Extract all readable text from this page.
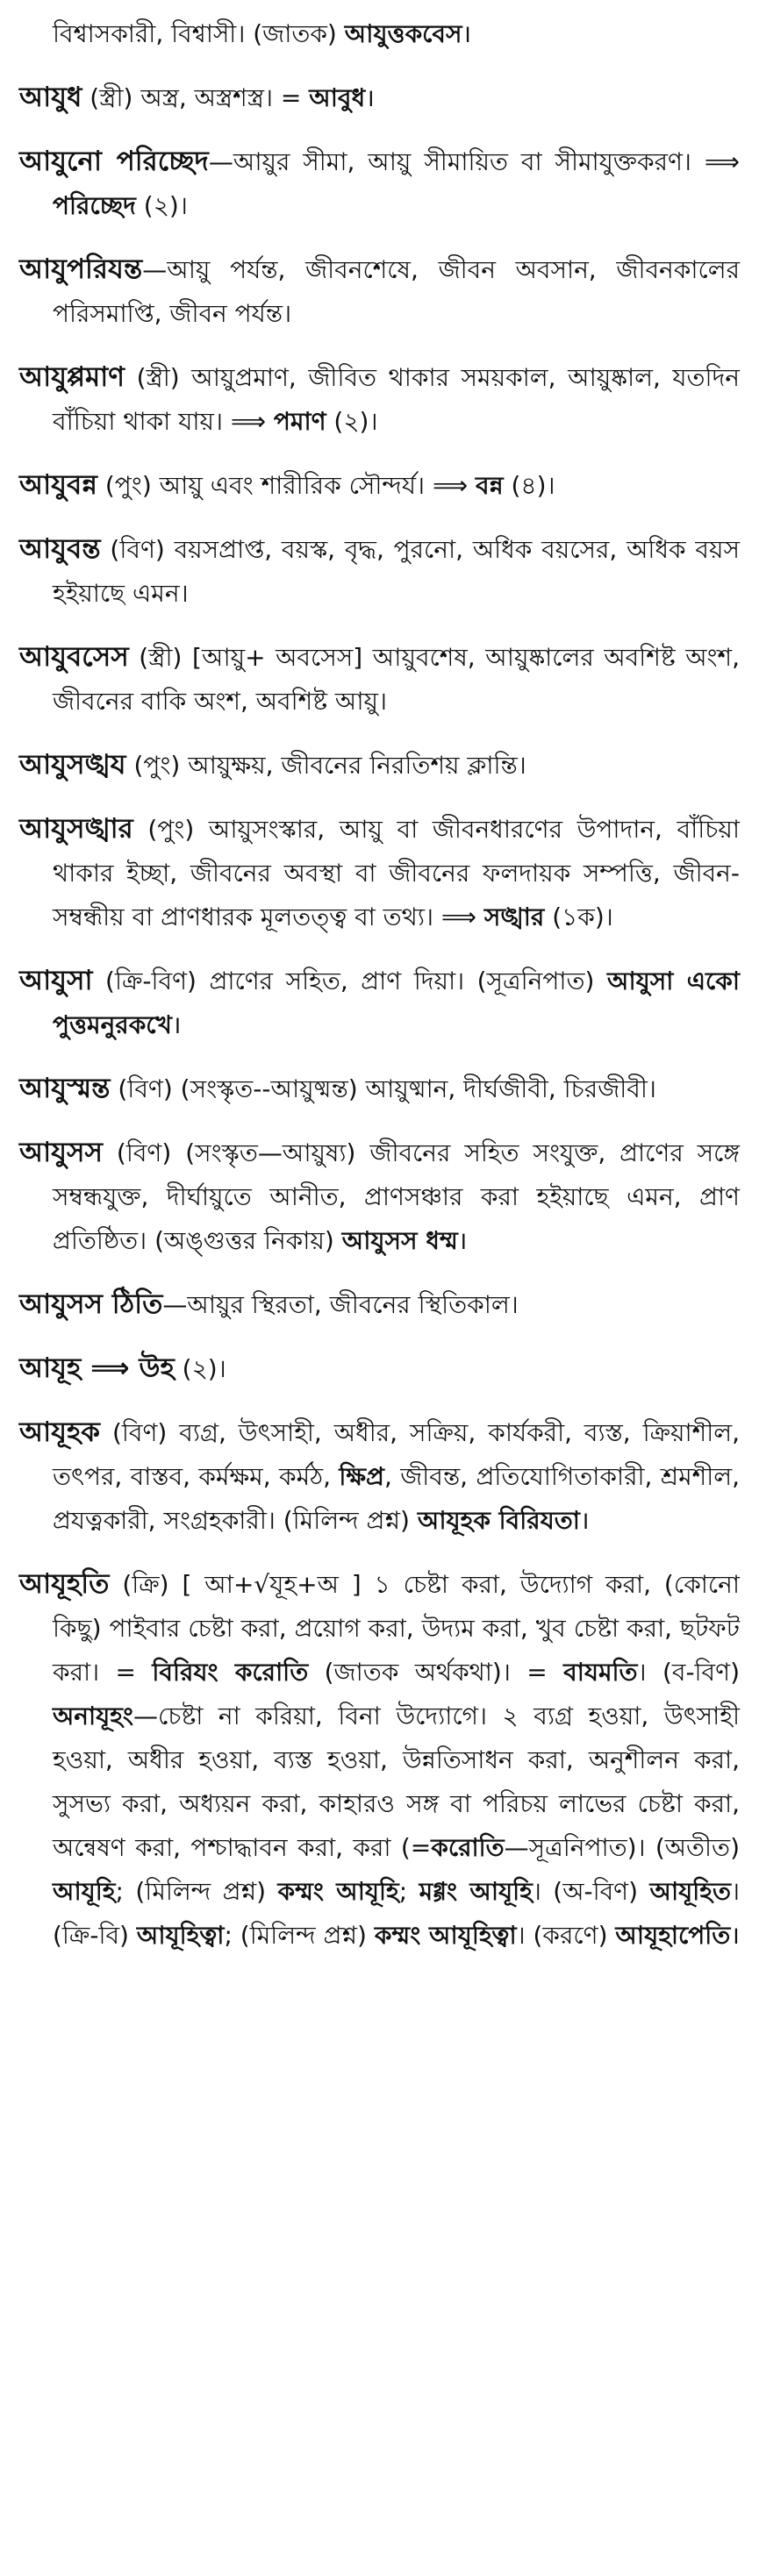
বিশ্বাসকারী, বিশ্বাসী। (জাতক) আযুত্তকবেস।

আযুধ (স্ত্রী) অস্ত্র, অস্ত্রশস্ত্র। = আবুধ।

আযুনো পরিচ্ছেদ—আয়ুর সীমা, আয়ু সীমায়িত বা সীমাযুক্তকরণ। ⟹ পরিচ্ছেদ (২)।

আযুপরিযন্ত—আয়ু পর্যন্ত, জীবনশেষে, জীবন অবসান, জীবনকালের পরিসমাপ্তি, জীবন পর্যন্ত।

আযুপ্পমাণ (স্ত্রী) আয়ুপ্রমাণ, জীবিত থাকার সময়কাল, আয়ুষ্কাল, যতদিন বাঁচিয়া থাকা যায়। ⟹ পমাণ (২)।

আযুবন্ন (পুং) আয়ু এবং শারীরিক সৌন্দর্য। ⟹ বন্ন (৪)।

আযুবন্ত (বিণ) বয়সপ্রাপ্ত, বয়স্ক, বৃদ্ধ, পুরনো, অধিক বয়সের, অধিক বয়স হইয়াছে এমন।

আযুবসেস (স্ত্রী) [আয়ু+ অবসেস] আয়ুবশেষ, আয়ুষ্কালের অবশিষ্ট অংশ, জীবনের বাকি অংশ, অবশিষ্ট আয়ু।

আযুসঙ্খয (পুং) আয়ুক্ষয়, জীবনের নিরতিশয় ক্লান্তি।

আযুসঙ্খার (পুং) আয়ুসংস্কার, আয়ু বা জীবনধারণের উপাদান, বাঁচিয়া থাকার ইচ্ছা, জীবনের অবস্থা বা জীবনের ফলদায়ক সম্পত্তি, জীবন-সম্বন্ধীয় বা প্রাণধারক মূলতত্ত্ব বা তথ্য। ⟹ সঙ্খার (১ক)।

আযুসা (ক্রি-বিণ) প্রাণের সহিত, প্রাণ দিয়া। (সূত্রনিপাত) আযুসা একো পুত্তমনুরকখে।

আযুস্মন্ত (বিণ) (সংস্কৃত--আয়ুষ্মন্ত) আয়ুষ্মান, দীর্ঘজীবী, চিরজীবী।

আযুসস (বিণ) (সংস্কৃত—আয়ুষ্য) জীবনের সহিত সংযুক্ত, প্রাণের সঙ্গে সম্বন্ধযুক্ত, দীর্ঘায়ুতে আনীত, প্রাণসঞ্চার করা হইয়াছে এমন, প্রাণ প্রতিষ্ঠিত। (অঙ্গুত্তর নিকায়) আযুসস ধম্ম।

আযুসস ঠিতি—আয়ুর স্থিরতা, জীবনের স্থিতিকাল।

আযূহ ⟹ উহ (২)।

আযূহক (বিণ) ব্যগ্র, উৎসাহী, অধীর, সক্রিয়, কার্যকরী, ব্যস্ত, ক্রিয়াশীল, তৎপর, বাস্তব, কর্মক্ষম, কর্মঠ, ক্ষিপ্র, জীবন্ত, প্রতিযোগিতাকারী, শ্রমশীল, প্রযত্নকারী, সংগ্রহকারী। (মিলিন্দ প্রশ্ন) আযূহক বিরিযতা।

আযূহতি (ক্রি) [ আ+√যূহ+অ ] ১ চেষ্টা করা, উদ্যোগ করা, (কোনো কিছু) পাইবার চেষ্টা করা, প্রয়োগ করা, উদ্যম করা, খুব চেষ্টা করা, ছটফট করা। = বিরিযং করোতি (জাতক অর্থকথা)। = বাযমতি। (ব-বিণ) অনাযূহং—চেষ্টা না করিয়া, বিনা উদ্যোগে। ২ ব্যগ্র হওয়া, উৎসাহী হওয়া, অধীর হওয়া, ব্যস্ত হওয়া, উন্নতিসাধন করা, অনুশীলন করা, সুসভ্য করা, অধ্যয়ন করা, কাহারও সঙ্গ বা পরিচয় লাভের চেষ্টা করা, অন্বেষণ করা, পশ্চাদ্ধাবন করা, করা (=করোতি—সূত্রনিপাত)। (অতীত) আযূহি; (মিলিন্দ প্রশ্ন) কম্মং আযূহি; মগ্গং আযূহি। (অ-বিণ) আযূহিত। (ক্রি-বি) আযূহিত্বা; (মিলিন্দ প্রশ্ন) কম্মং আযূহিত্বা। (করণে) আযূহাপেতি।
